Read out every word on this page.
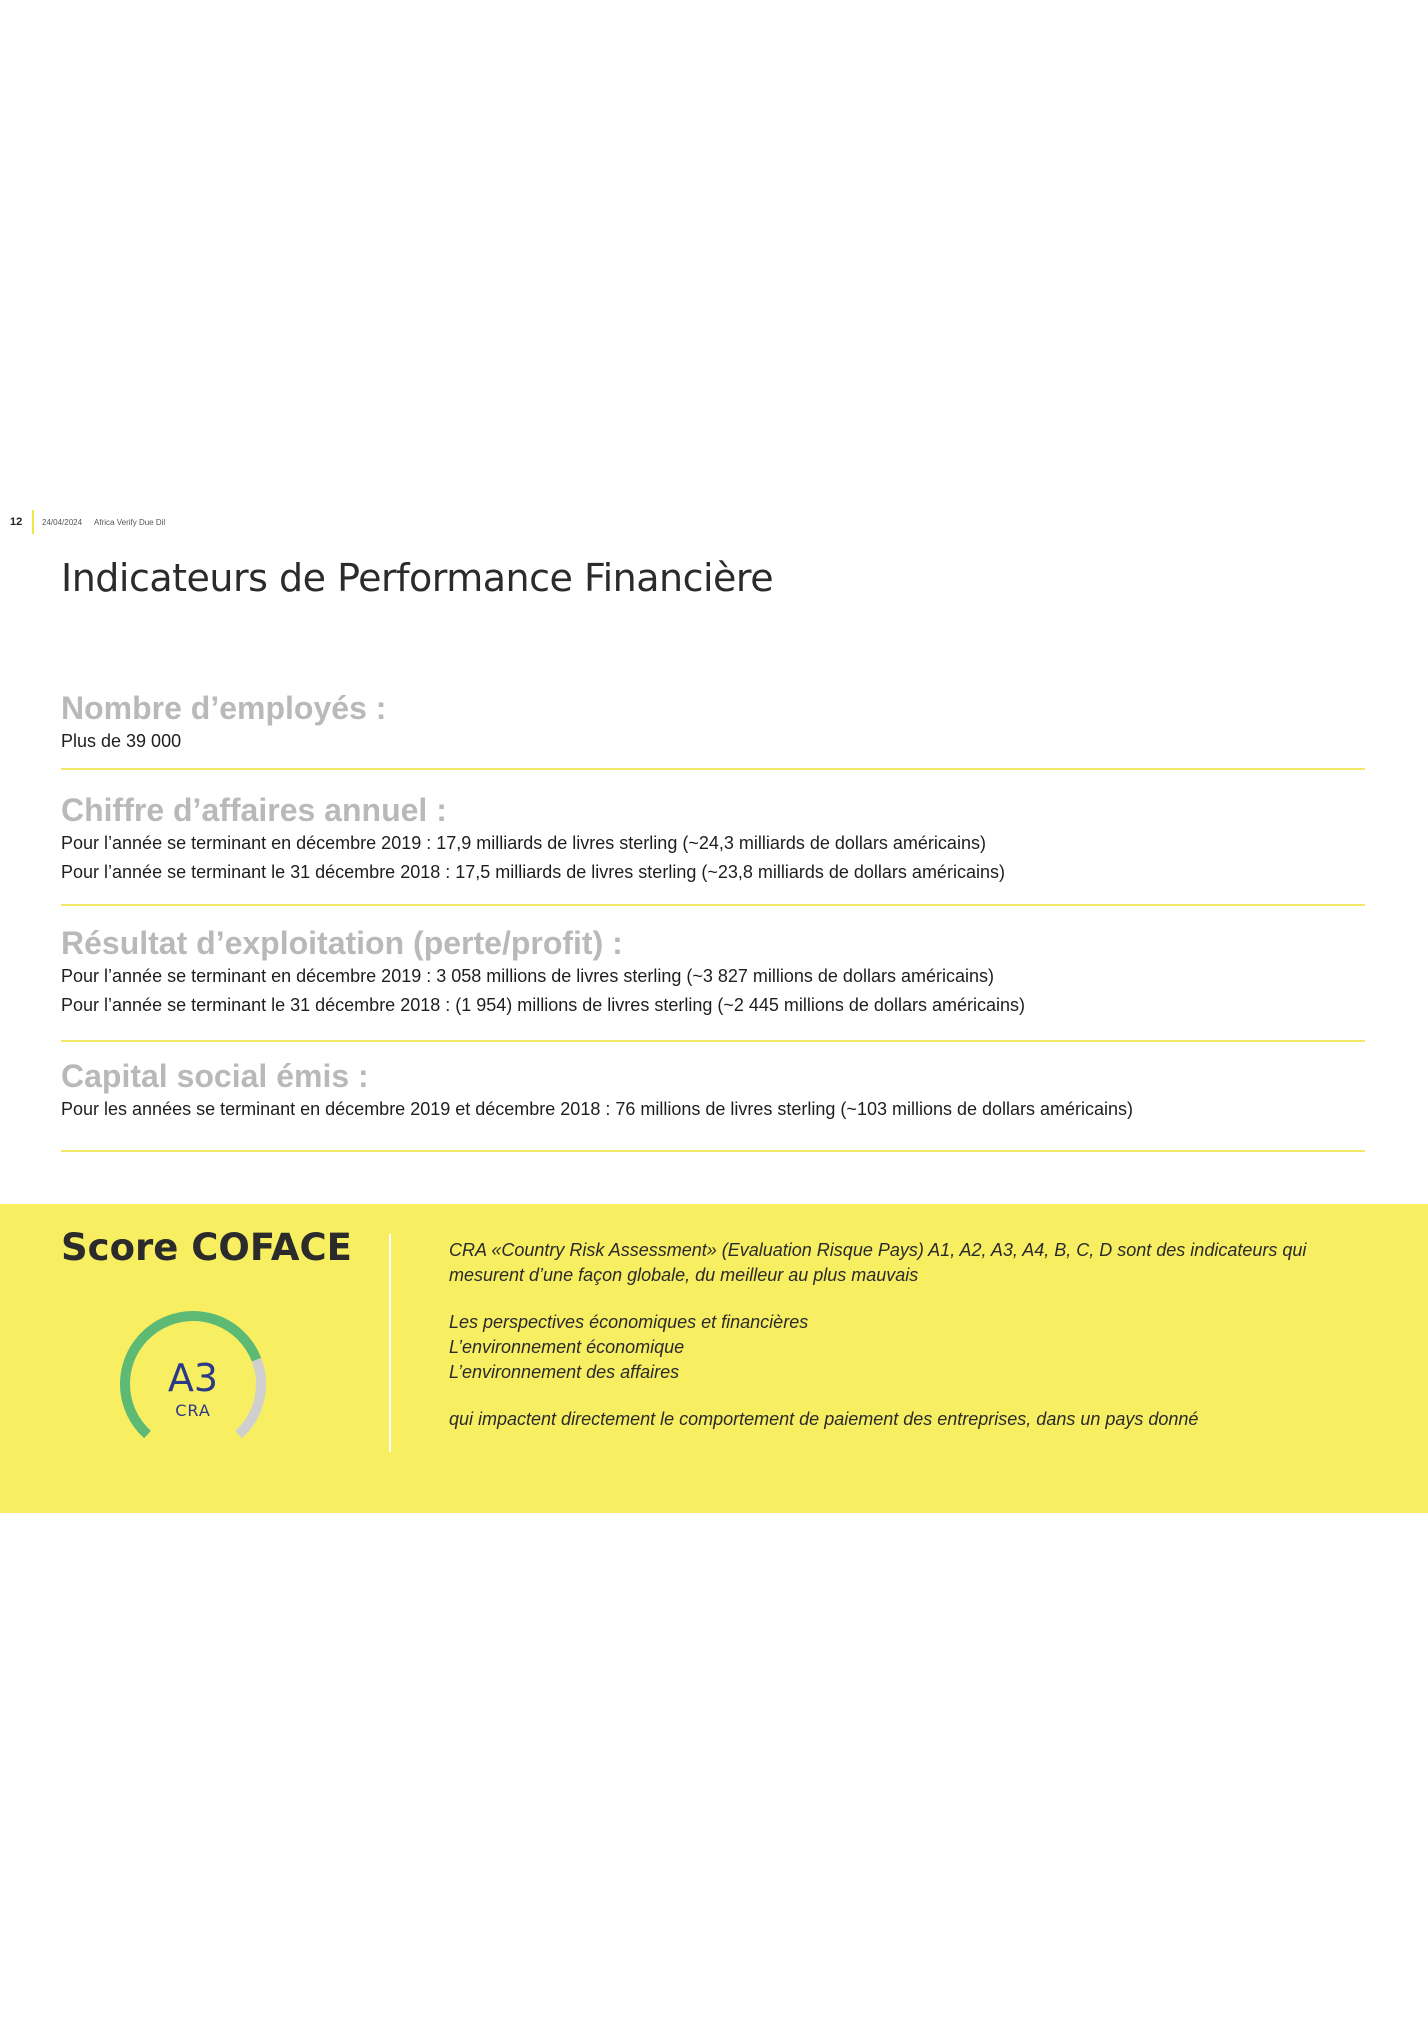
12	24/04/2024 Africa Verify Due Dil
Indicateurs de Performance Financière
Nombre d’employés :

Plus de 39 000

Chiffre d’affaires annuel :

Pour l’année se terminant en décembre 2019 : 17,9 milliards de livres sterling (~24,3 milliards de dollars américains)

Pour l’année se terminant le 31 décembre 2018 : 17,5 milliards de livres sterling (~23,8 milliards de dollars américains)

Résultat d’exploitation (perte/profit) :

Pour l’année se terminant en décembre 2019 : 3 058 millions de livres sterling (~3 827 millions de dollars américains)

Pour l’année se terminant le 31 décembre 2018 : (1 954) millions de livres sterling (~2 445 millions de dollars américains)

Capital social émis :

Pour les années se terminant en décembre 2019 et décembre 2018 : 76 millions de livres sterling (~103 millions de dollars américains)

Score COFACE
A3
CRA

CRA «Country Risk Assessment» (Evaluation Risque Pays) A1, A2, A3, A4, B, C, D sont des indicateurs qui mesurent d’une façon globale, du meilleur au plus mauvais

Les perspectives économiques et financières

L’environnement économique

L’environnement des affaires

qui impactent directement le comportement de paiement des entreprises, dans un pays donné
